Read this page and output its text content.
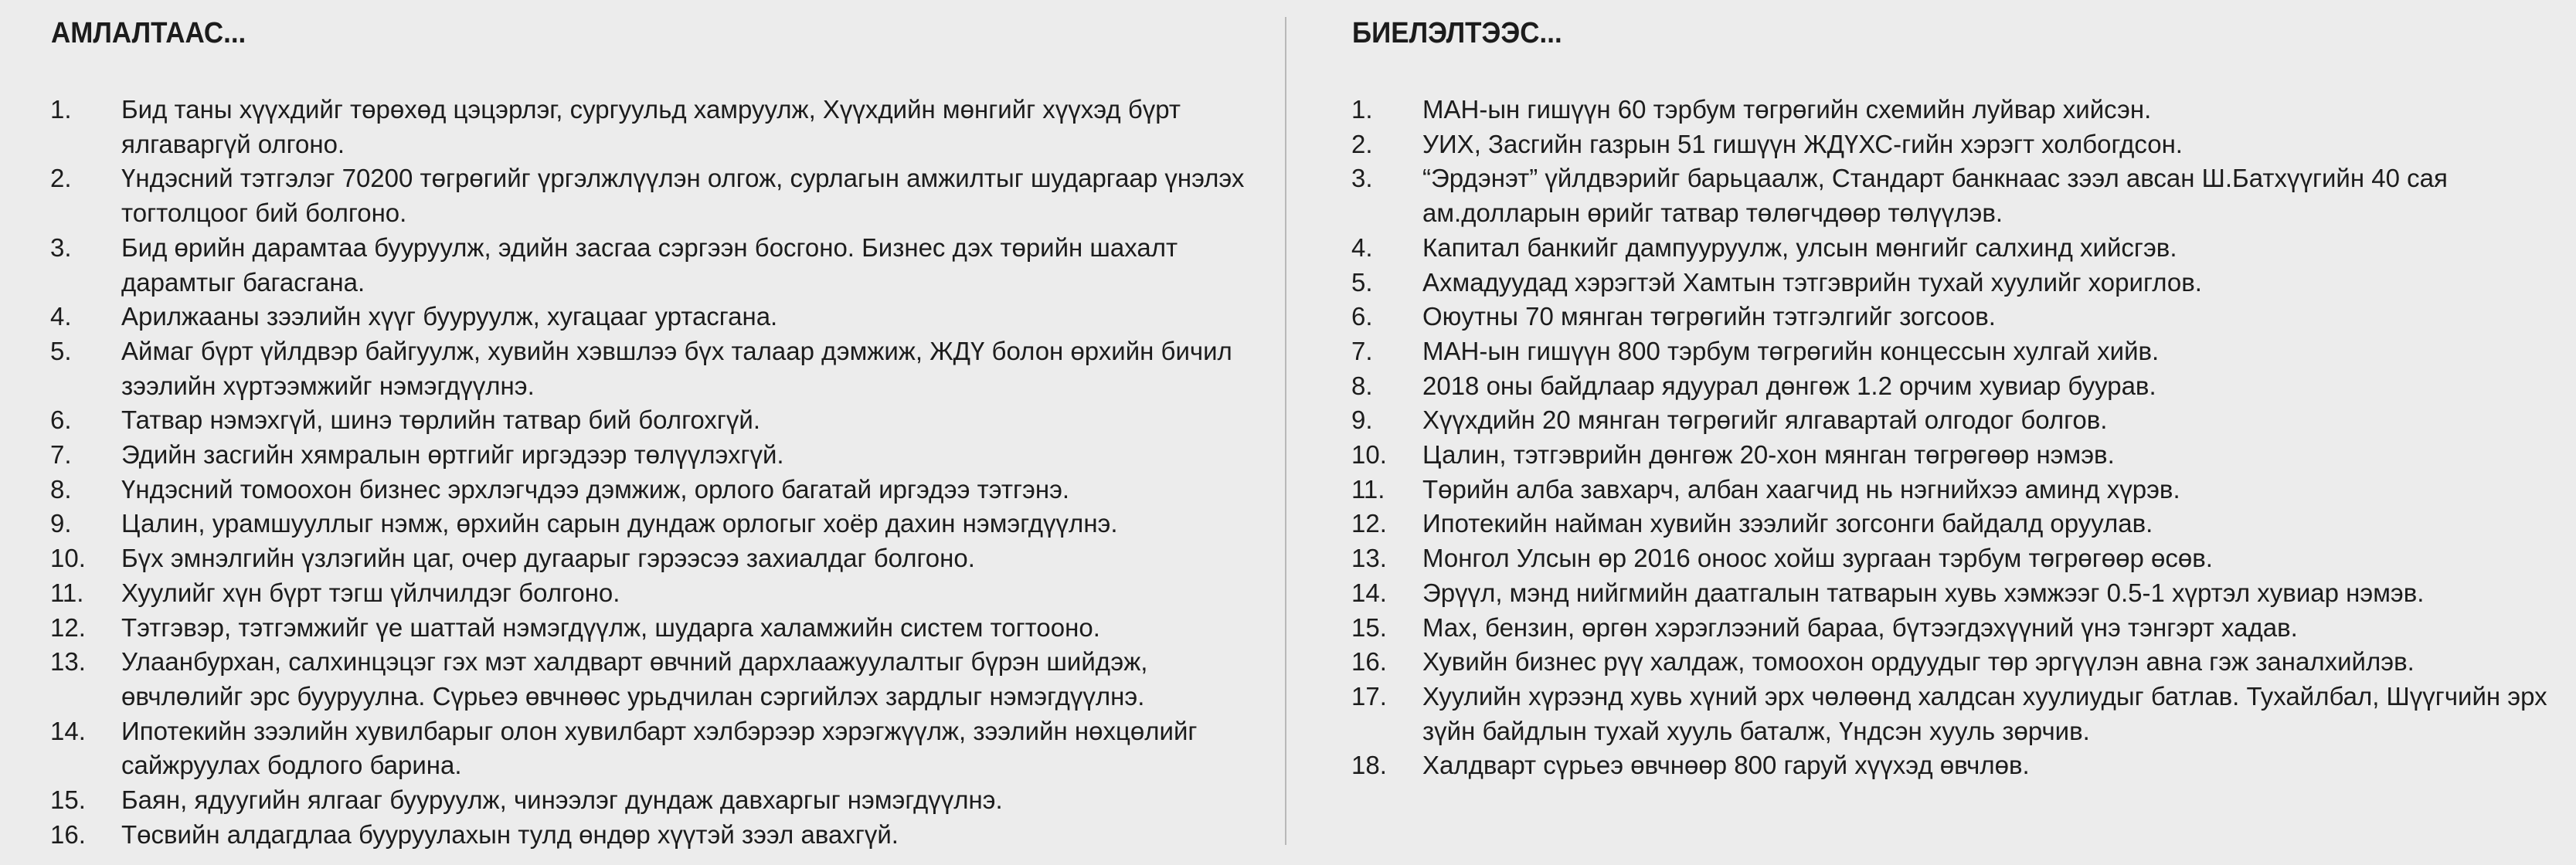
АМЛАЛТААС...
1. Бид таны хүүхдийг төрөхөд цэцэрлэг, сургуульд хамруулж, Хүүхдийн мөнгийг хүүхэд бүрт ялгаваргүй олгоно.
2. Үндэсний тэтгэлэг 70200 төгрөгийг үргэлжлүүлэн олгож, сурлагын амжилтыг шударгаар үнэлэх тогтолцоог бий болгоно.
3. Бид өрийн дарамтаа бууруулж, эдийн засгаа сэргээн босгоно. Бизнес дэх төрийн шахалт дарамтыг багасгана.
4. Арилжааны зээлийн хүүг бууруулж, хугацааг уртасгана.
5. Аймаг бүрт үйлдвэр байгуулж, хувийн хэвшлээ бүх талаар дэмжиж, ЖДҮ болон өрхийн бичил зээлийн хүртээмжийг нэмэгдүүлнэ.
6. Татвар нэмэхгүй, шинэ төрлийн татвар бий болгохгүй.
7. Эдийн засгийн хямралын өртгийг иргэдээр төлүүлэхгүй.
8. Үндэсний томоохон бизнес эрхлэгчдээ дэмжиж, орлого багатай иргэдээ тэтгэнэ.
9. Цалин, урамшууллыг нэмж, өрхийн сарын дундаж орлогыг хоёр дахин нэмэгдүүлнэ.
10. Бүх эмнэлгийн үзлэгийн цаг, очер дугаарыг гэрээсээ захиалдаг болгоно.
11. Хуулийг хүн бүрт тэгш үйлчилдэг болгоно.
12. Тэтгэвэр, тэтгэмжийг үе шаттай нэмэгдүүлж, шударга халамжийн систем тогтооно.
13. Улаанбурхан, салхинцэцэг гэх мэт халдварт өвчний дархлаажуулалтыг бүрэн шийдэж, өвчлөлийг эрс бууруулна. Сүрьеэ өвчнөөс урьдчилан сэргийлэх зардлыг нэмэгдүүлнэ.
14. Ипотекийн зээлийн хувилбарыг олон хувилбарт хэлбэрээр хэрэгжүүлж, зээлийн нөхцөлийг сайжруулах бодлого барина.
15. Баян, ядуугийн ялгааг бууруулж, чинээлэг дундаж давхаргыг нэмэгдүүлнэ.
16. Төсвийн алдагдлаа бууруулахын тулд өндөр хүүтэй зээл авахгүй.
БИЕЛЭЛТЭЭС...
1. МАН-ын гишүүн 60 тэрбум төгрөгийн схемийн луйвар хийсэн.
2. УИХ, Засгийн газрын 51 гишүүн ЖДҮХС-гийн хэрэгт холбогдсон.
3. “Эрдэнэт” үйлдвэрийг барьцаалж, Стандарт банкнаас зээл авсан Ш.Батхүүгийн 40 сая ам.долларын өрийг татвар төлөгчдөөр төлүүлэв.
4. Капитал банкийг дампууруулж, улсын мөнгийг салхинд хийсгэв.
5. Ахмадуудад хэрэгтэй Хамтын тэтгэврийн тухай хуулийг хориглов.
6. Оюутны 70 мянган төгрөгийн тэтгэлгийг зогсоов.
7. МАН-ын гишүүн 800 тэрбум төгрөгийн концессын хулгай хийв.
8. 2018 оны байдлаар ядуурал дөнгөж 1.2 орчим хувиар буурав.
9. Хүүхдийн 20 мянган төгрөгийг ялгавартай олгодог болгов.
10. Цалин, тэтгэврийн дөнгөж 20-хон мянган төгрөгөөр нэмэв.
11. Төрийн алба завхарч, албан хаагчид нь нэгнийхээ аминд хүрэв.
12. Ипотекийн найман хувийн зээлийг зогсонги байдалд оруулав.
13. Монгол Улсын өр 2016 оноос хойш зургаан тэрбум төгрөгөөр өсөв.
14. Эрүүл, мэнд нийгмийн даатгалын татварын хувь хэмжээг 0.5-1 хүртэл хувиар нэмэв.
15. Мах, бензин, өргөн хэрэглээний бараа, бүтээгдэхүүний үнэ тэнгэрт хадав.
16. Хувийн бизнес рүү халдаж, томоохон ордуудыг төр эргүүлэн авна гэж заналхийлэв.
17. Хуулийн хүрээнд хувь хүний эрх чөлөөнд халдсан хуулиудыг батлав. Тухайлбал, Шүүгчийн эрх зүйн байдлын тухай хууль баталж, Үндсэн хууль зөрчив.
18. Халдварт сүрьеэ өвчнөөр 800 гаруй хүүхэд өвчлөв.
